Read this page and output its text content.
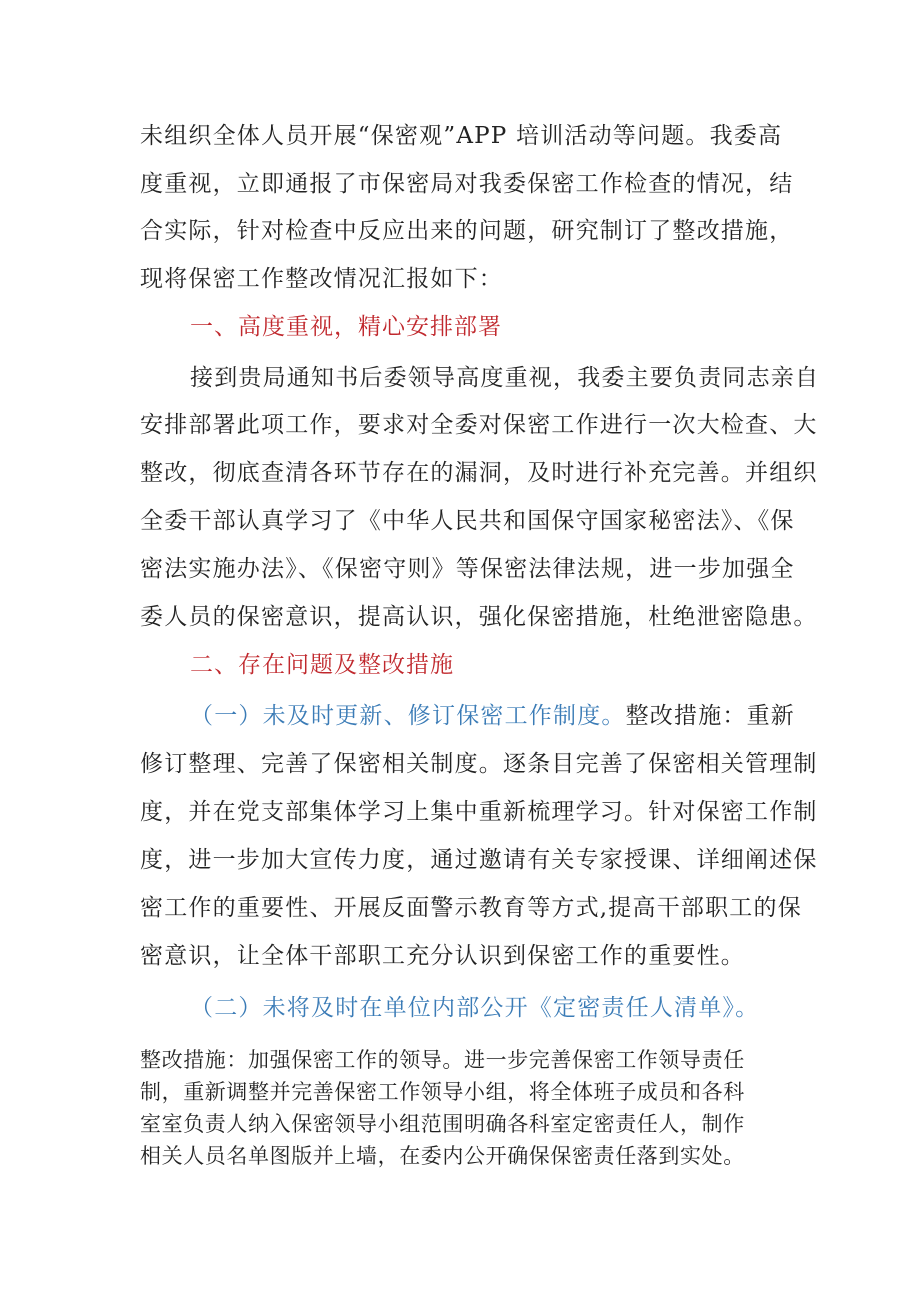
未组织全体人员开展“保密观”APP 培训活动等问题。我委高

度重视，立即通报了市保密局对我委保密工作检查的情况，结

合实际，针对检查中反应出来的问题，研究制订了整改措施，

现将保密工作整改情况汇报如下：

一、高度重视，精心安排部署

接到贵局通知书后委领导高度重视，我委主要负责同志亲自

安排部署此项工作，要求对全委对保密工作进行一次大检查、大

整改，彻底查清各环节存在的漏洞，及时进行补充完善。并组织

全委干部认真学习了《中华人民共和国保守国家秘密法》、《保

密法实施办法》、《保密守则》等保密法律法规，进一步加强全

委人员的保密意识，提高认识，强化保密措施，杜绝泄密隐患。

二、存在问题及整改措施

（一）未及时更新、修订保密工作制度。整改措施：重新

修订整理、完善了保密相关制度。逐条目完善了保密相关管理制

度，并在党支部集体学习上集中重新梳理学习。针对保密工作制

度，进一步加大宣传力度，通过邀请有关专家授课、详细阐述保

密工作的重要性、开展反面警示教育等方式,提高干部职工的保

密意识，让全体干部职工充分认识到保密工作的重要性。

（二）未将及时在单位内部公开《定密责任人清单》。

整改措施：加强保密工作的领导。进一步完善保密工作领导责任

制，重新调整并完善保密工作领导小组，将全体班子成员和各科

室室负责人纳入保密领导小组范围明确各科室定密责任人，制作

相关人员名单图版并上墙，在委内公开确保保密责任落到实处。
